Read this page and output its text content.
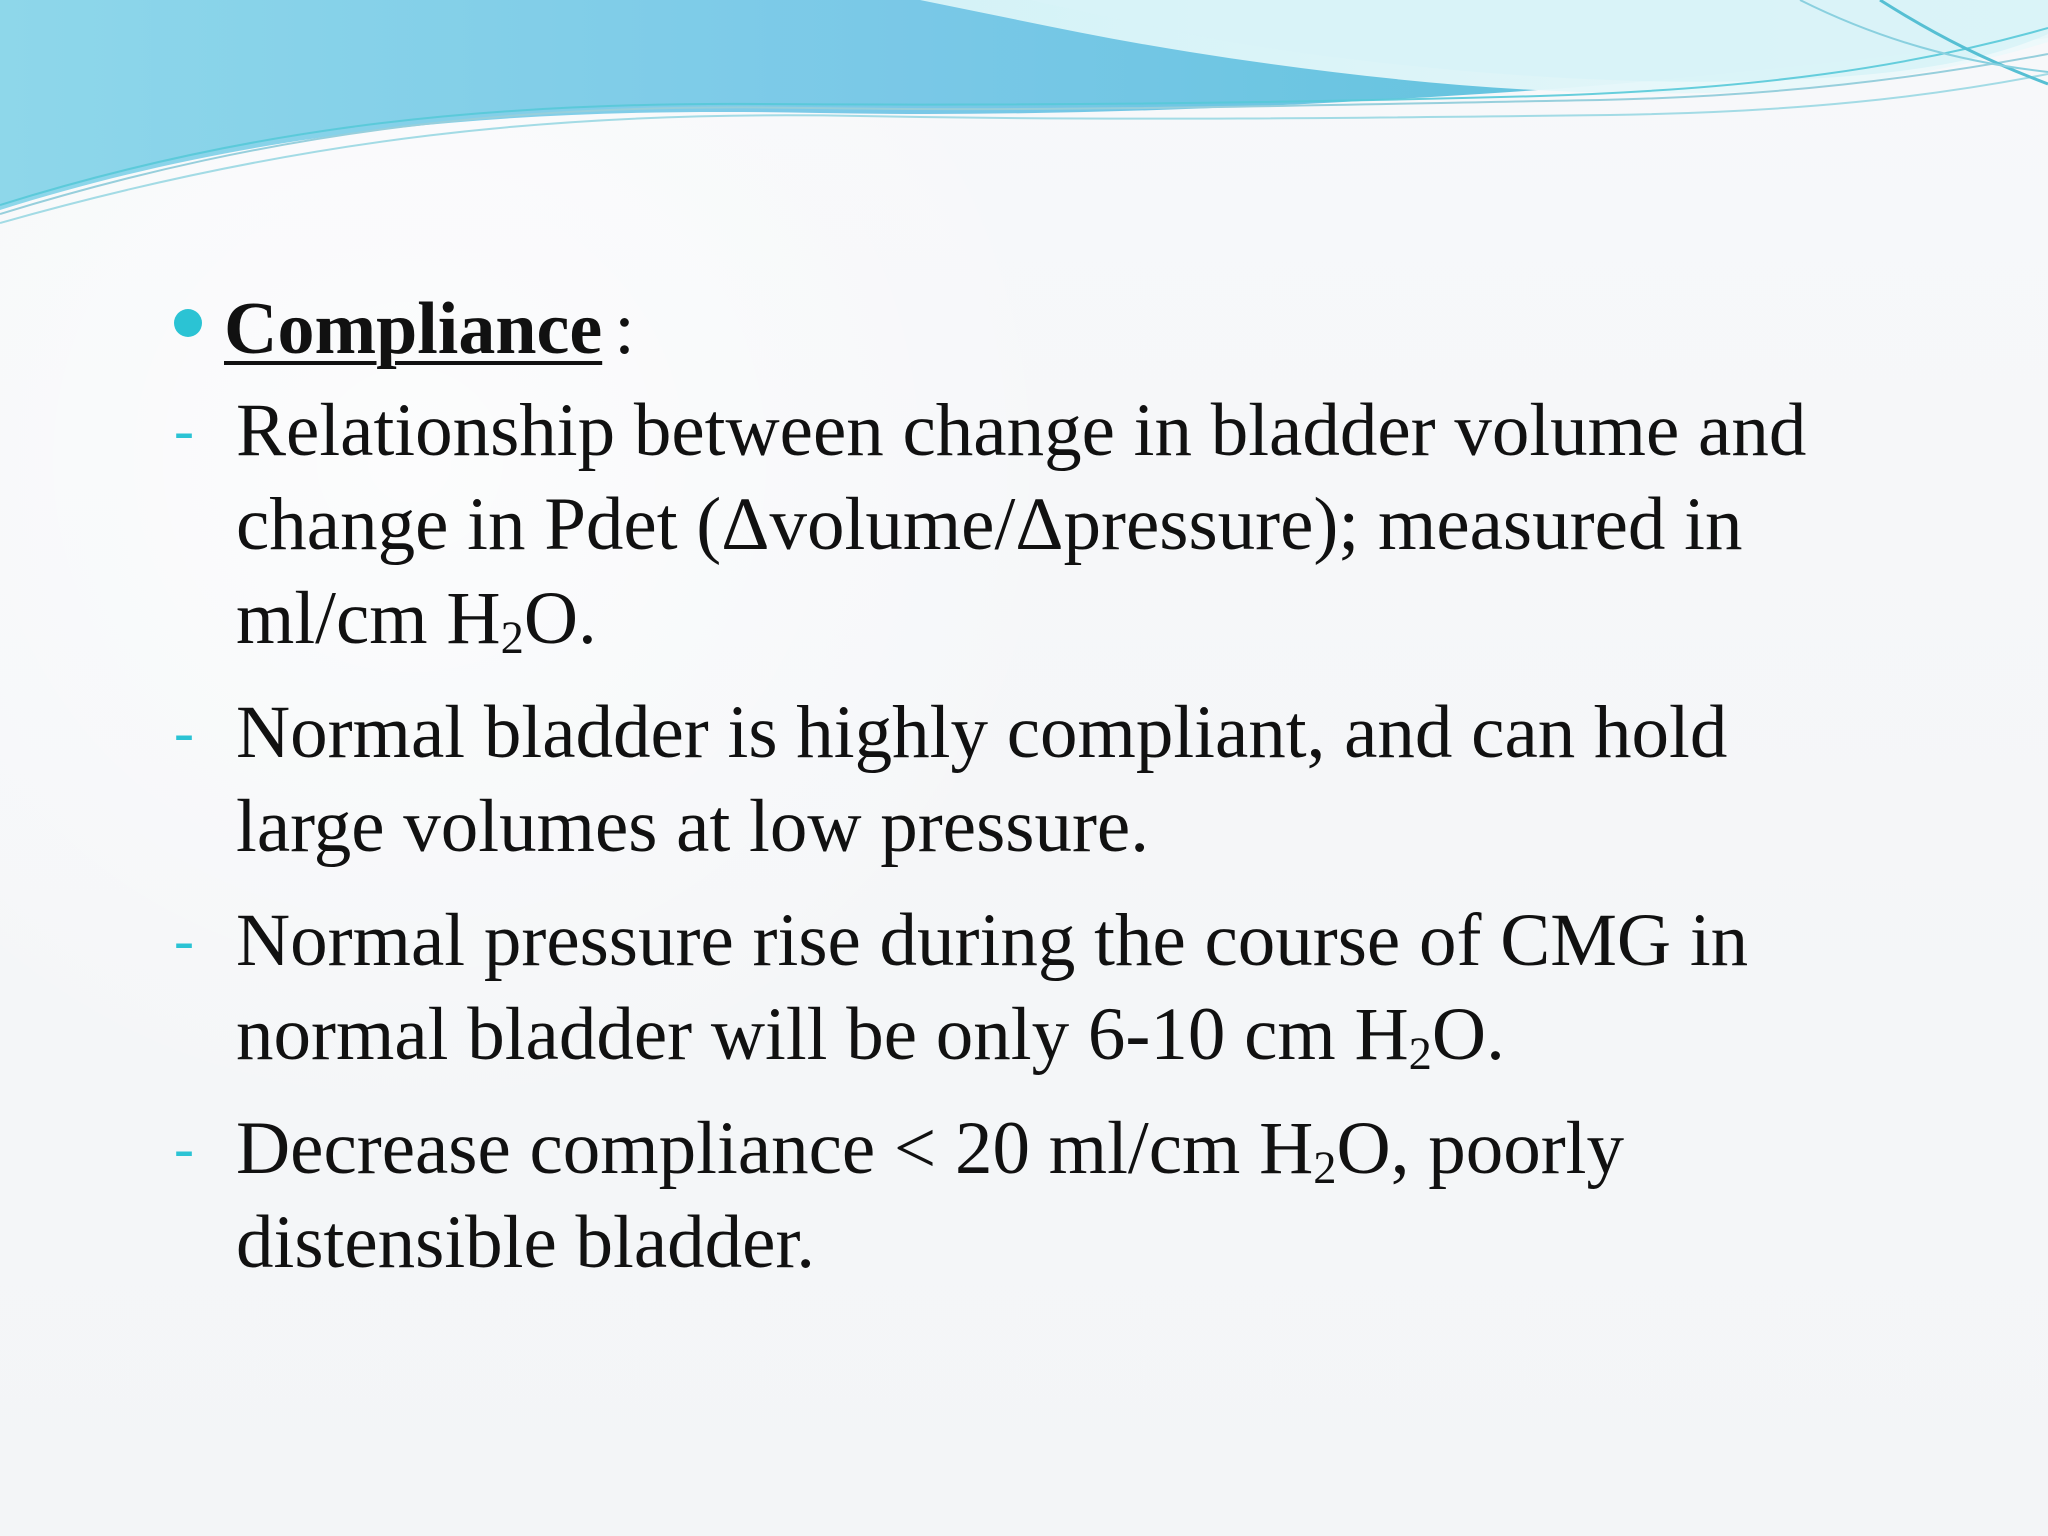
Compliance :
- Relationship between change in bladder volume and
change in Pdet (Δvolume/Δpressure); measured in
ml/cm $H_2O$.
- Normal bladder is highly compliant, and can hold
large volumes at low pressure.
- Normal pressure rise during the course of CMG in
normal bladder will be only 6-10 cm $H_2O$.
- Decrease compliance < 20 ml/cm $H_2O$, poorly
distensible bladder.
